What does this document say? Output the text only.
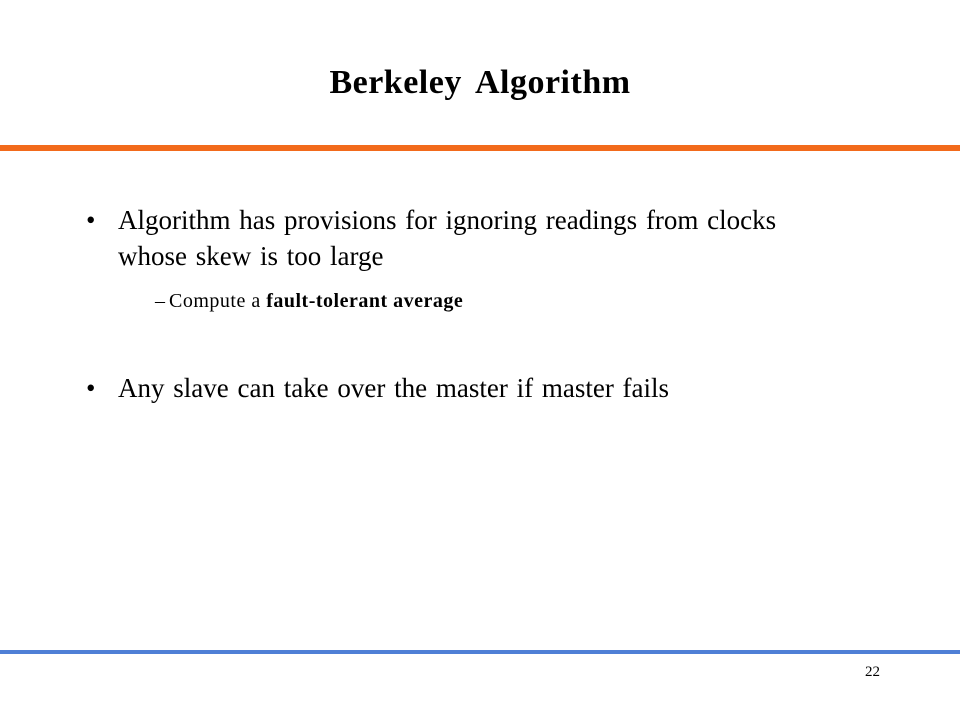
Berkeley Algorithm
• Algorithm has provisions for ignoring readings from clocks whose skew is too large
– Compute a fault-tolerant average
• Any slave can take over the master if master fails
22
